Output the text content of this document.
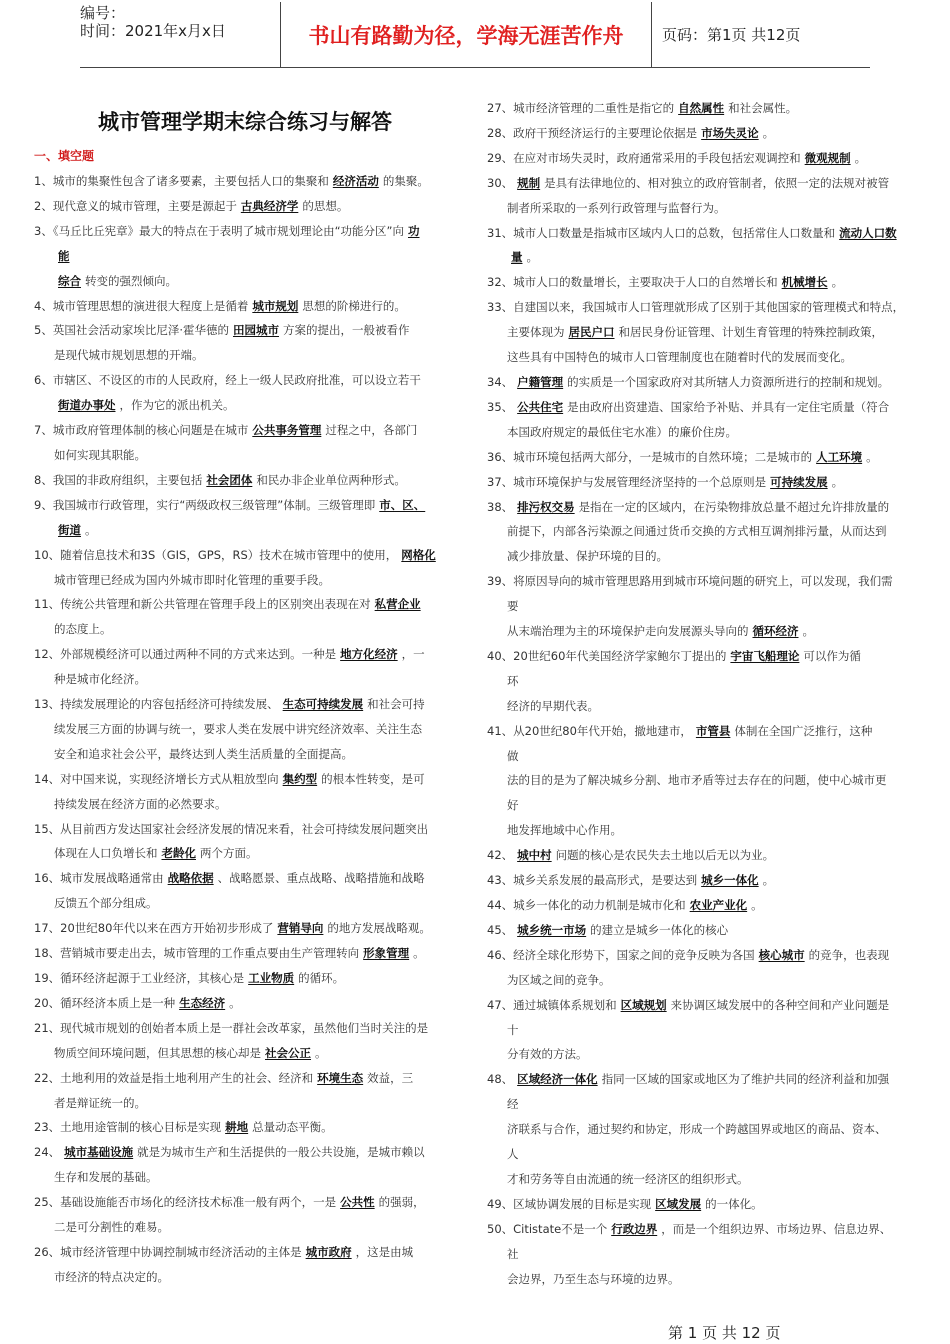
编号：
时间：2021年x月x日	书山有路勤为径，学海无涯苦作舟	页码：第1页 共12页
城市管理学期末综合练习与解答
一、填空题
1、城市的集聚性包含了诸多要素，主要包括人口的集聚和 经济活动 的集聚。
2、现代意义的城市管理，主要是源起于 古典经济学 的思想。
3、《马丘比丘宪章》最大的特点在于表明了城市规划理论由“功能分区”向 功
能
综合 转变的强烈倾向。
4、城市管理思想的演进很大程度上是循着 城市规划 思想的阶梯进行的。
5、英国社会活动家埃比尼泽·霍华德的 田园城市 方案的提出，一般被看作
是现代城市规划思想的开端。
6、市辖区、不设区的市的人民政府，经上一级人民政府批准，可以设立若干
街道办事处 ，作为它的派出机关。
7、城市政府管理体制的核心问题是在城市 公共事务管理 过程之中，各部门
如何实现其职能。
8、我国的非政府组织，主要包括 社会团体 和民办非企业单位两种形式。
9、我国城市行政管理，实行“两级政权三级管理”体制。三级管理即 市、区、
街道 。
10、随着信息技术和3S（GIS，GPS，RS）技术在城市管理中的使用， 网格化
城市管理已经成为国内外城市即时化管理的重要手段。
11、传统公共管理和新公共管理在管理手段上的区别突出表现在对 私营企业
的态度上。
12、外部规模经济可以通过两种不同的方式来达到。一种是 地方化经济 ，一
种是城市化经济。
13、持续发展理论的内容包括经济可持续发展、 生态可持续发展 和社会可持
续发展三方面的协调与统一，要求人类在发展中讲究经济效率、关注生态
安全和追求社会公平，最终达到人类生活质量的全面提高。
14、对中国来说，实现经济增长方式从粗放型向 集约型 的根本性转变，是可
持续发展在经济方面的必然要求。
15、从目前西方发达国家社会经济发展的情况来看，社会可持续发展问题突出
体现在人口负增长和 老龄化 两个方面。
16、城市发展战略通常由 战略依据 、战略愿景、重点战略、战略措施和战略
反馈五个部分组成。
17、20世纪80年代以来在西方开始初步形成了 营销导向 的地方发展战略观。
18、营销城市要走出去，城市管理的工作重点要由生产管理转向 形象管理 。
19、循环经济起源于工业经济，其核心是 工业物质 的循环。
20、循环经济本质上是一种 生态经济 。
21、现代城市规划的创始者本质上是一群社会改革家，虽然他们当时关注的是
物质空间环境问题，但其思想的核心却是 社会公正 。
22、土地利用的效益是指土地利用产生的社会、经济和 环境生态 效益，三
者是辩证统一的。
23、土地用途管制的核心目标是实现 耕地 总量动态平衡。
24、 城市基础设施 就是为城市生产和生活提供的一般公共设施，是城市赖以
生存和发展的基础。
25、基础设施能否市场化的经济技术标准一般有两个，一是 公共性 的强弱，
二是可分割性的难易。
26、城市经济管理中协调控制城市经济活动的主体是 城市政府 ，这是由城
市经济的特点决定的。
27、城市经济管理的二重性是指它的 自然属性 和社会属性。
28、政府干预经济运行的主要理论依据是 市场失灵论 。
29、在应对市场失灵时，政府通常采用的手段包括宏观调控和 微观规制 。
30、 规制 是具有法律地位的、相对独立的政府管制者，依照一定的法规对被管
制者所采取的一系列行政管理与监督行为。
31、城市人口数量是指城市区域内人口的总数，包括常住人口数量和 流动人口数
量 。
32、城市人口的数量增长，主要取决于人口的自然增长和 机械增长 。
33、自建国以来，我国城市人口管理就形成了区别于其他国家的管理模式和特点，
主要体现为 居民户口 和居民身份证管理、计划生育管理的特殊控制政策，
这些具有中国特色的城市人口管理制度也在随着时代的发展而变化。
34、 户籍管理 的实质是一个国家政府对其所辖人力资源所进行的控制和规划。
35、 公共住宅 是由政府出资建造、国家给予补贴、并具有一定住宅质量（符合
本国政府规定的最低住宅水准）的廉价住房。
36、城市环境包括两大部分，一是城市的自然环境；二是城市的 人工环境 。
37、城市环境保护与发展管理经济坚持的一个总原则是 可持续发展 。
38、 排污权交易 是指在一定的区域内，在污染物排放总量不超过允许排放量的
前提下，内部各污染源之间通过货币交换的方式相互调剂排污量，从而达到
减少排放量、保护环境的目的。
39、将原因导向的城市管理思路用到城市环境问题的研究上，可以发现，我们需
要
从末端治理为主的环境保护走向发展源头导向的 循环经济 。
40、20世纪60年代美国经济学家鲍尔丁提出的 宇宙飞船理论 可以作为循
环
经济的早期代表。
41、从20世纪80年代开始，撤地建市， 市管县 体制在全国广泛推行，这种
做
法的目的是为了解决城乡分割、地市矛盾等过去存在的问题，使中心城市更
好
地发挥地域中心作用。
42、 城中村 问题的核心是农民失去土地以后无以为业。
43、城乡关系发展的最高形式，是要达到 城乡一体化 。
44、城乡一体化的动力机制是城市化和 农业产业化 。
45、 城乡统一市场 的建立是城乡一体化的核心
46、经济全球化形势下，国家之间的竞争反映为各国 核心城市 的竞争，也表现
为区域之间的竞争。
47、通过城镇体系规划和 区域规划 来协调区域发展中的各种空间和产业问题是
十
分有效的方法。
48、 区域经济一体化 指同一区域的国家或地区为了维护共同的经济利益和加强
经
济联系与合作，通过契约和协定，形成一个跨越国界或地区的商品、资本、
人
才和劳务等自由流通的统一经济区的组织形式。
49、区域协调发展的目标是实现 区域发展 的一体化。
50、Citistate不是一个 行政边界 ，而是一个组织边界、市场边界、信息边界、
社
会边界，乃至生态与环境的边界。
第 1 页 共 12 页
